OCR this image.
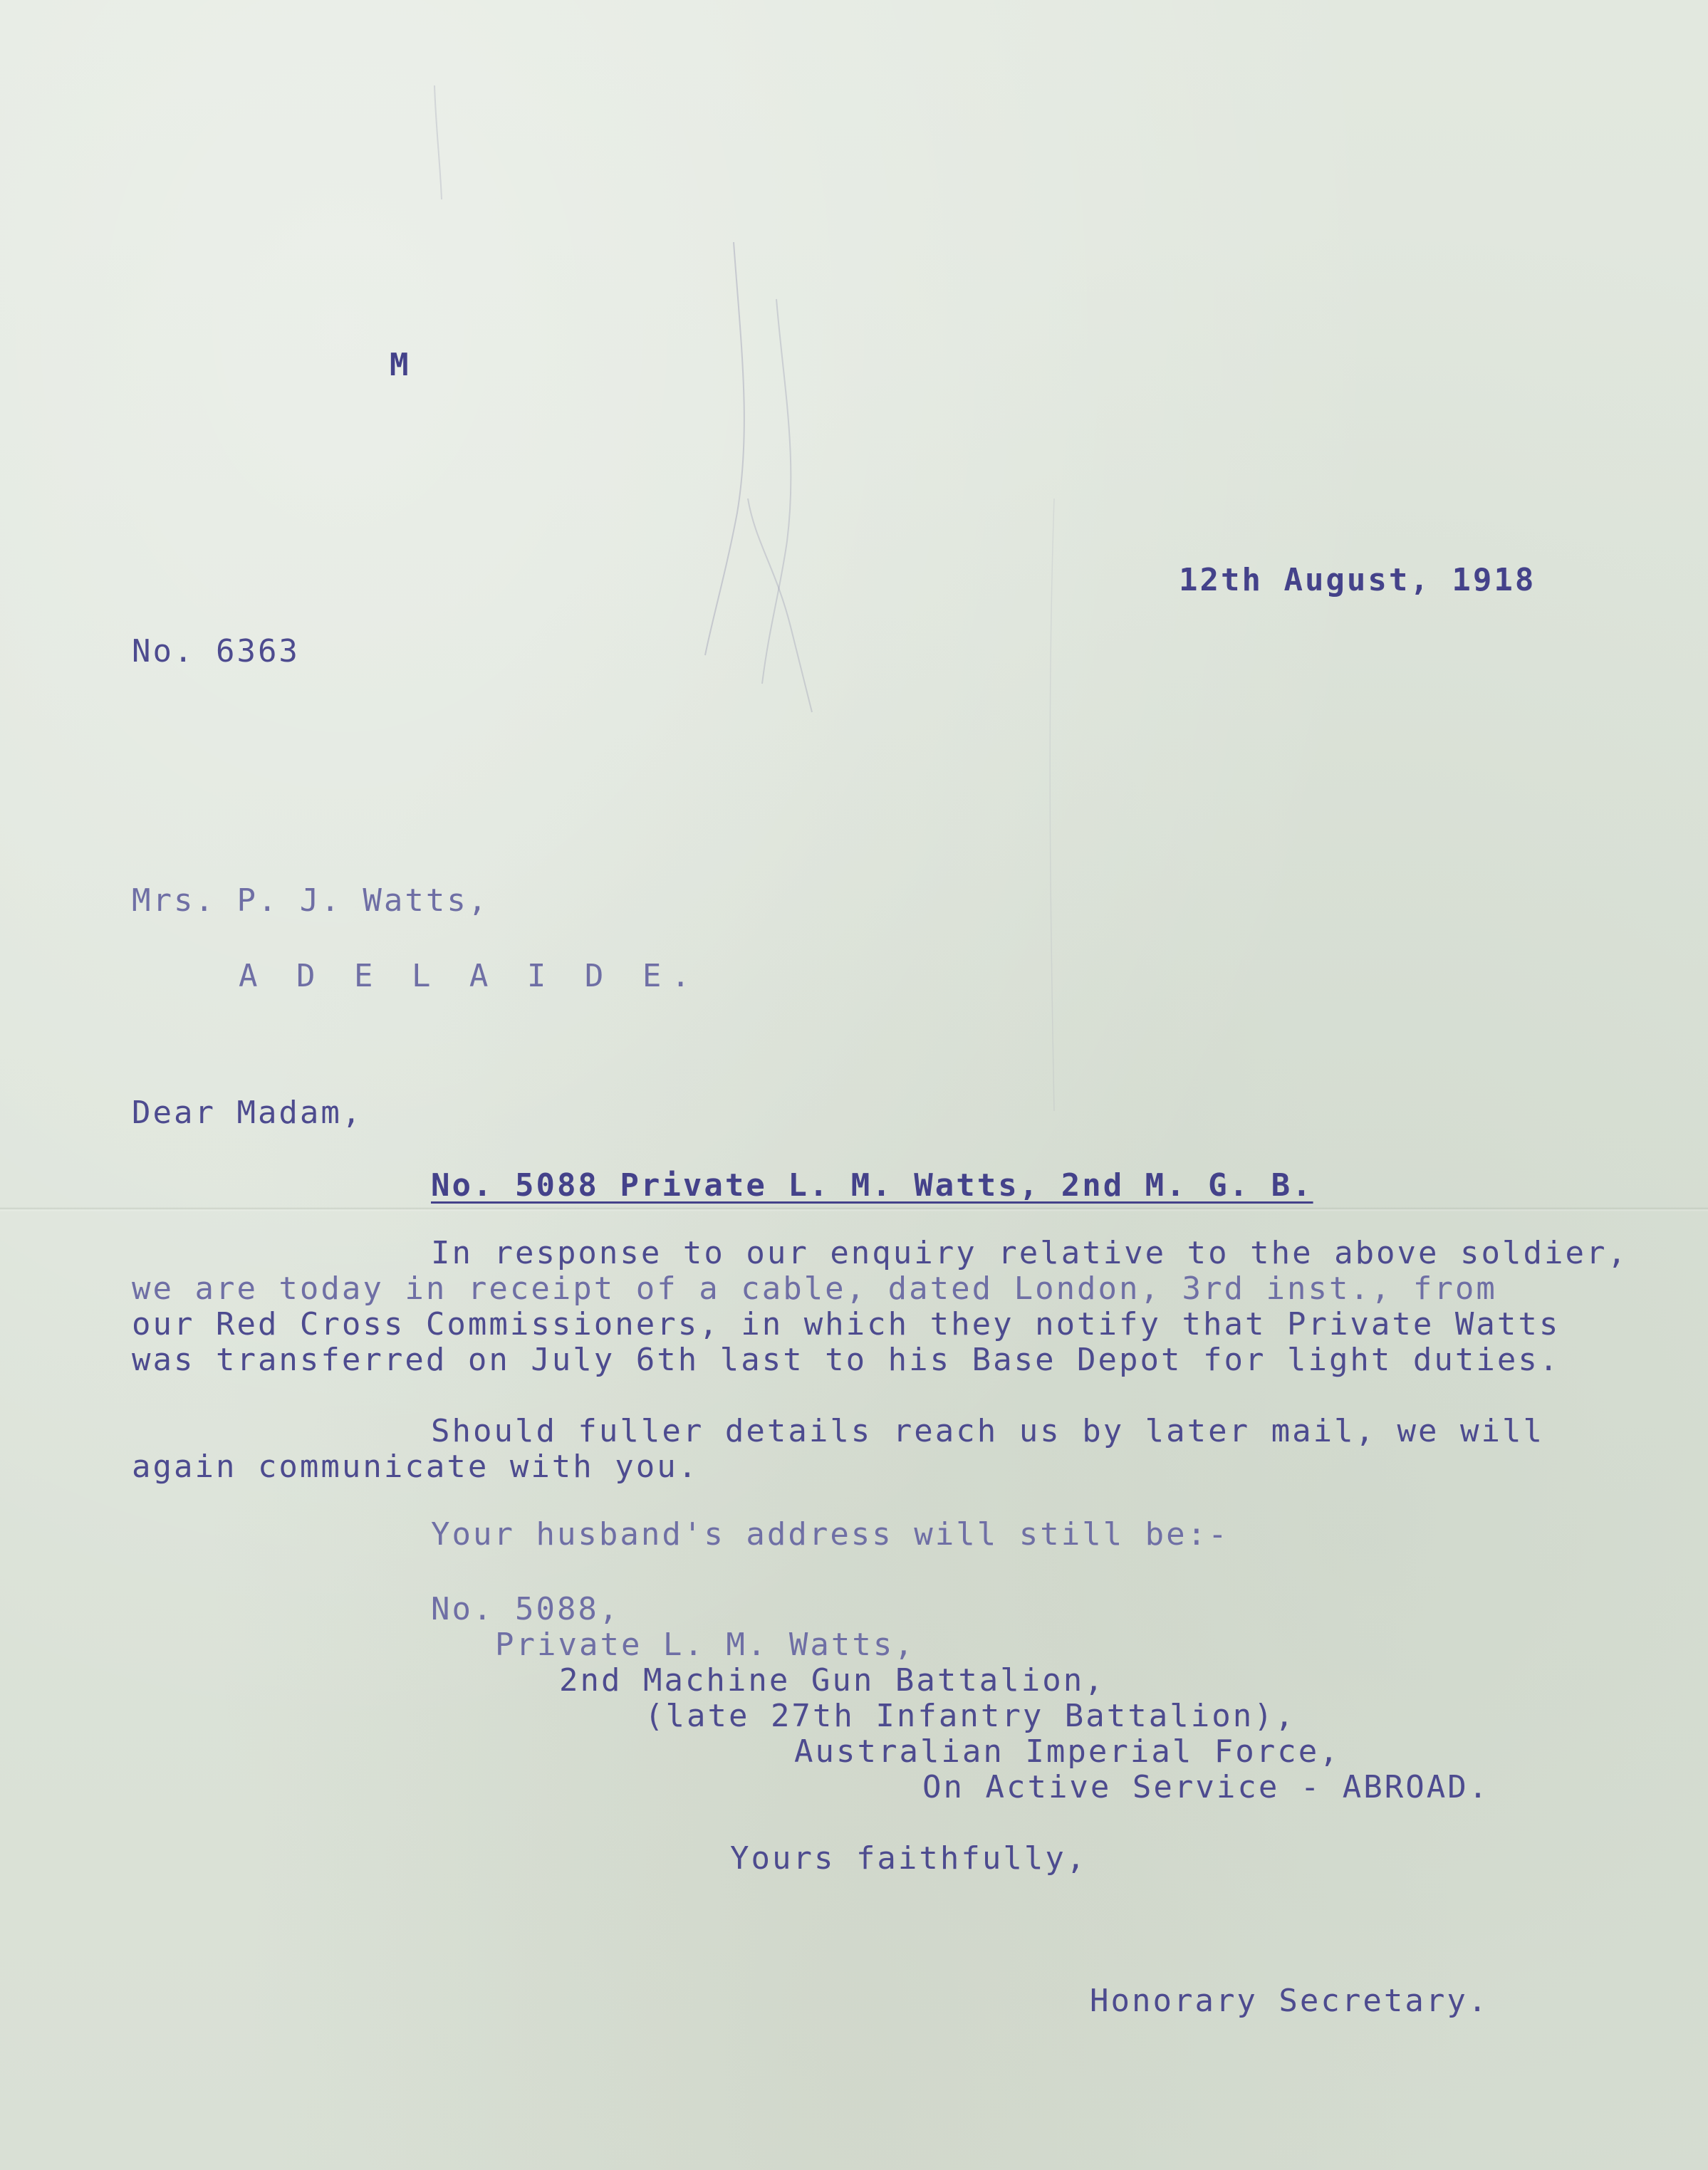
M
12th August, 1918
No. 6363
Mrs. P. J. Watts,
A D E L A I D E.
Dear Madam,
No. 5088 Private L. M. Watts, 2nd M. G. B.
In response to our enquiry relative to the above soldier,
we are today in receipt of a cable, dated London, 3rd inst., from
our Red Cross Commissioners, in which they notify that Private Watts
was transferred on July 6th last to his Base Depot for light duties.
Should fuller details reach us by later mail, we will
again communicate with you.
Your husband's address will still be:-
No. 5088,
Private L. M. Watts,
2nd Machine Gun Battalion,
(late 27th Infantry Battalion),
Australian Imperial Force,
On Active Service - ABROAD.
Yours faithfully,
Honorary Secretary.
